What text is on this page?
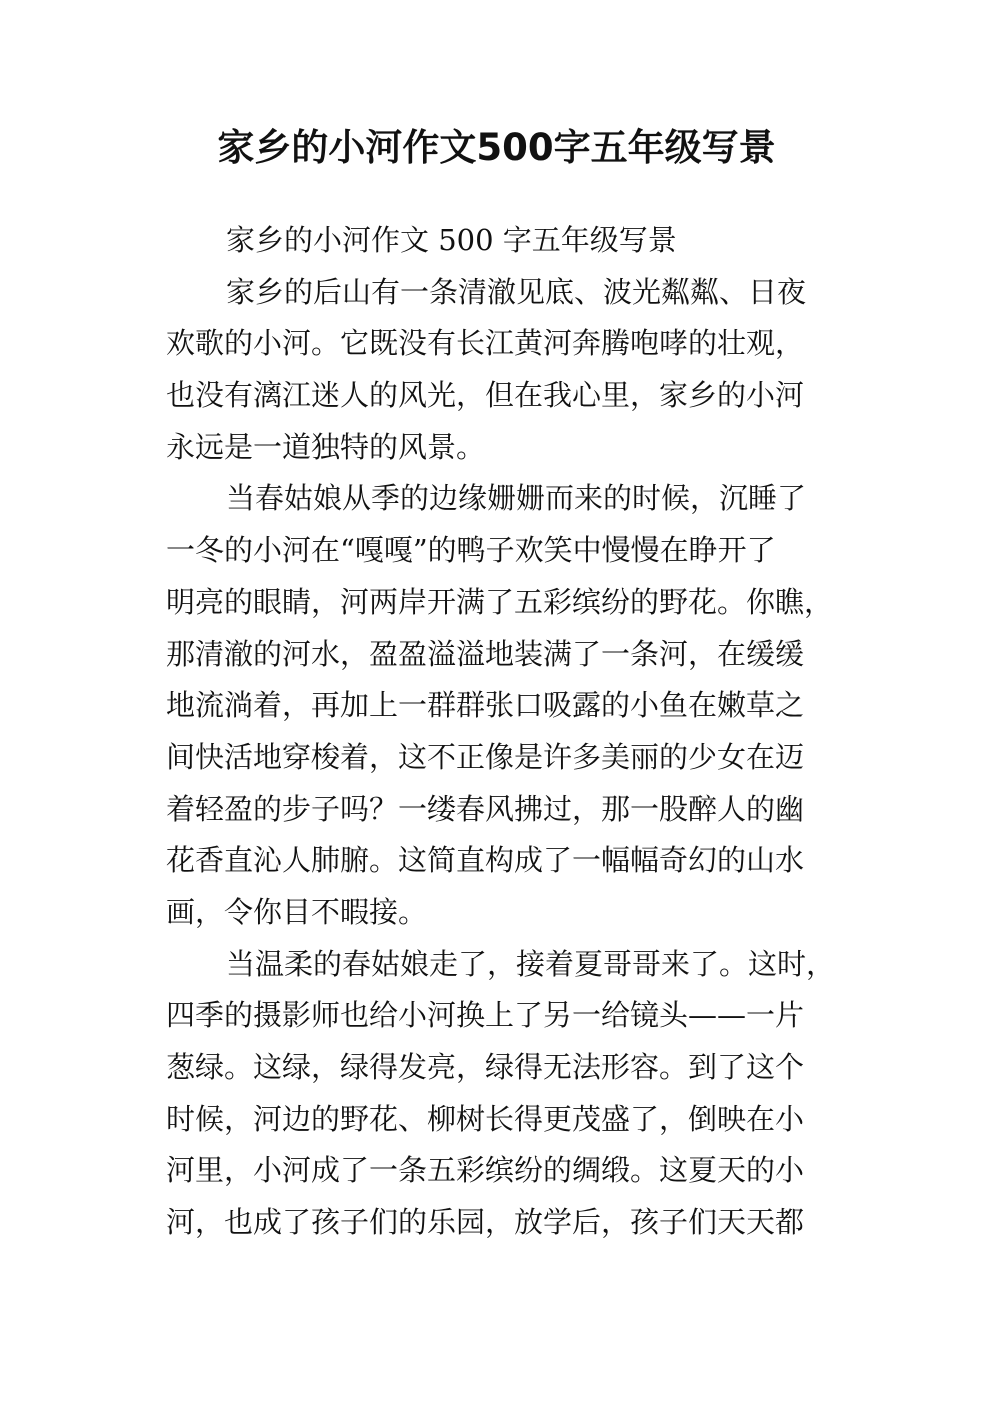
家乡的小河作文500字五年级写景
家乡的小河作文 500 字五年级写景
家乡的后山有一条清澈见底、波光粼粼、日夜
欢歌的小河。它既没有长江黄河奔腾咆哮的壮观，
也没有漓江迷人的风光，但在我心里，家乡的小河
永远是一道独特的风景。
当春姑娘从季的边缘姗姗而来的时候，沉睡了
一冬的小河在“嘎嘎”的鸭子欢笑中慢慢在睁开了
明亮的眼睛，河两岸开满了五彩缤纷的野花。你瞧，
那清澈的河水，盈盈溢溢地装满了一条河，在缓缓
地流淌着，再加上一群群张口吸露的小鱼在嫩草之
间快活地穿梭着，这不正像是许多美丽的少女在迈
着轻盈的步子吗？一缕春风拂过，那一股醉人的幽
花香直沁人肺腑。这简直构成了一幅幅奇幻的山水
画，令你目不暇接。
当温柔的春姑娘走了，接着夏哥哥来了。这时，
四季的摄影师也给小河换上了另一给镜头——一片
葱绿。这绿，绿得发亮，绿得无法形容。到了这个
时候，河边的野花、柳树长得更茂盛了，倒映在小
河里，小河成了一条五彩缤纷的绸缎。这夏天的小
河，也成了孩子们的乐园，放学后，孩子们天天都
